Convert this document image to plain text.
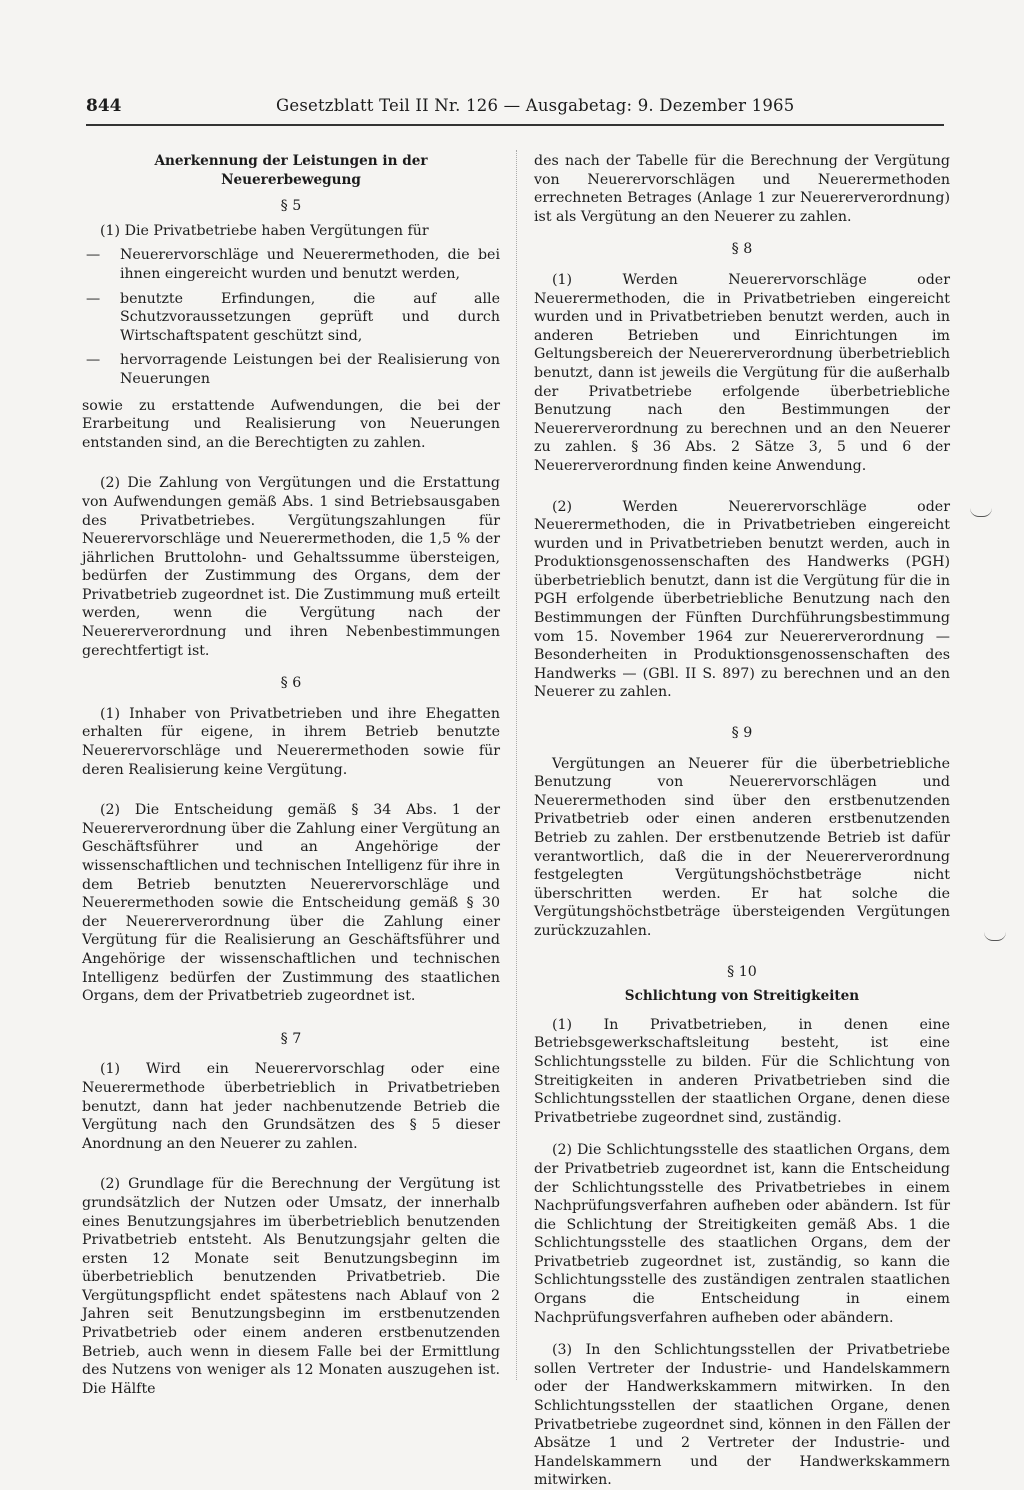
844	Gesetzblatt Teil II Nr. 126 — Ausgabetag: 9. Dezember 1965

Anerkennung der Leistungen in der

Neuererbewegung

§ 5

(1) Die Privatbetriebe haben Vergütungen für

—	Neuerervorschläge und Neuerermethoden, die bei ihnen eingereicht wurden und benutzt werden,
—	benutzte Erfindungen, die auf alle Schutzvoraussetzungen geprüft und durch Wirtschaftspatent geschützt sind,
—	hervorragende Leistungen bei der Realisierung von Neuerungen

sowie zu erstattende Aufwendungen, die bei der Erarbeitung und Realisierung von Neuerungen entstanden sind, an die Berechtigten zu zahlen.

(2) Die Zahlung von Vergütungen und die Erstattung von Aufwendungen gemäß Abs. 1 sind Betriebsausgaben des Privatbetriebes. Vergütungszahlungen für Neuerervorschläge und Neuerermethoden, die 1,5 % der jährlichen Bruttolohn- und Gehaltssumme übersteigen, bedürfen der Zustimmung des Organs, dem der Privatbetrieb zugeordnet ist. Die Zustimmung muß erteilt werden, wenn die Vergütung nach der Neuererverordnung und ihren Nebenbestimmungen gerechtfertigt ist.

§ 6

(1) Inhaber von Privatbetrieben und ihre Ehegatten erhalten für eigene, in ihrem Betrieb benutzte Neuerervorschläge und Neuerermethoden sowie für deren Realisierung keine Vergütung.

(2) Die Entscheidung gemäß § 34 Abs. 1 der Neuererverordnung über die Zahlung einer Vergütung an Geschäftsführer und an Angehörige der wissenschaftlichen und technischen Intelligenz für ihre in dem Betrieb benutzten Neuerervorschläge und Neuerermethoden sowie die Entscheidung gemäß § 30 der Neuererverordnung über die Zahlung einer Vergütung für die Realisierung an Geschäftsführer und Angehörige der wissenschaftlichen und technischen Intelligenz bedürfen der Zustimmung des staatlichen Organs, dem der Privatbetrieb zugeordnet ist.

§ 7

(1) Wird ein Neuerervorschlag oder eine Neuerermethode überbetrieblich in Privatbetrieben benutzt, dann hat jeder nachbenutzende Betrieb die Vergütung nach den Grundsätzen des § 5 dieser Anordnung an den Neuerer zu zahlen.

(2) Grundlage für die Berechnung der Vergütung ist grundsätzlich der Nutzen oder Umsatz, der innerhalb eines Benutzungsjahres im überbetrieblich benutzenden Privatbetrieb entsteht. Als Benutzungsjahr gelten die ersten 12 Monate seit Benutzungsbeginn im überbetrieblich benutzenden Privatbetrieb. Die Vergütungspflicht endet spätestens nach Ablauf von 2 Jahren seit Benutzungsbeginn im erstbenutzenden Privatbetrieb oder einem anderen erstbenutzenden Betrieb, auch wenn in diesem Falle bei der Ermittlung des Nutzens von weniger als 12 Monaten auszugehen ist. Die Hälfte

des nach der Tabelle für die Berechnung der Vergütung von Neuerervorschlägen und Neuerermethoden errechneten Betrages (Anlage 1 zur Neuererverordnung) ist als Vergütung an den Neuerer zu zahlen.

§ 8

(1) Werden Neuerervorschläge oder Neuerermethoden, die in Privatbetrieben eingereicht wurden und in Privatbetrieben benutzt werden, auch in anderen Betrieben und Einrichtungen im Geltungsbereich der Neuererverordnung überbetrieblich benutzt, dann ist jeweils die Vergütung für die außerhalb der Privatbetriebe erfolgende überbetriebliche Benutzung nach den Bestimmungen der Neuererverordnung zu berechnen und an den Neuerer zu zahlen. § 36 Abs. 2 Sätze 3, 5 und 6 der Neuererverordnung finden keine Anwendung.

(2) Werden Neuerervorschläge oder Neuerermethoden, die in Privatbetrieben eingereicht wurden und in Privatbetrieben benutzt werden, auch in Produktionsgenossenschaften des Handwerks (PGH) überbetrieblich benutzt, dann ist die Vergütung für die in PGH erfolgende überbetriebliche Benutzung nach den Bestimmungen der Fünften Durchführungsbestimmung vom 15. November 1964 zur Neuererverordnung — Besonderheiten in Produktionsgenossenschaften des Handwerks — (GBl. II S. 897) zu berechnen und an den Neuerer zu zahlen.

§ 9

Vergütungen an Neuerer für die überbetriebliche Benutzung von Neuerervorschlägen und Neuerermethoden sind über den erstbenutzenden Privatbetrieb oder einen anderen erstbenutzenden Betrieb zu zahlen. Der erstbenutzende Betrieb ist dafür verantwortlich, daß die in der Neuererverordnung festgelegten Vergütungshöchstbeträge nicht überschritten werden. Er hat solche die Vergütungshöchstbeträge übersteigenden Vergütungen zurückzuzahlen.

§ 10

Schlichtung von Streitigkeiten

(1) In Privatbetrieben, in denen eine Betriebsgewerkschaftsleitung besteht, ist eine Schlichtungsstelle zu bilden. Für die Schlichtung von Streitigkeiten in anderen Privatbetrieben sind die Schlichtungsstellen der staatlichen Organe, denen diese Privatbetriebe zugeordnet sind, zuständig.

(2) Die Schlichtungsstelle des staatlichen Organs, dem der Privatbetrieb zugeordnet ist, kann die Entscheidung der Schlichtungsstelle des Privatbetriebes in einem Nachprüfungsverfahren aufheben oder abändern. Ist für die Schlichtung der Streitigkeiten gemäß Abs. 1 die Schlichtungsstelle des staatlichen Organs, dem der Privatbetrieb zugeordnet ist, zuständig, so kann die Schlichtungsstelle des zuständigen zentralen staatlichen Organs die Entscheidung in einem Nachprüfungsverfahren aufheben oder abändern.

(3) In den Schlichtungsstellen der Privatbetriebe sollen Vertreter der Industrie- und Handelskammern oder der Handwerkskammern mitwirken. In den Schlichtungsstellen der staatlichen Organe, denen Privatbetriebe zugeordnet sind, können in den Fällen der Absätze 1 und 2 Vertreter der Industrie- und Handelskammern und der Handwerkskammern mitwirken.
